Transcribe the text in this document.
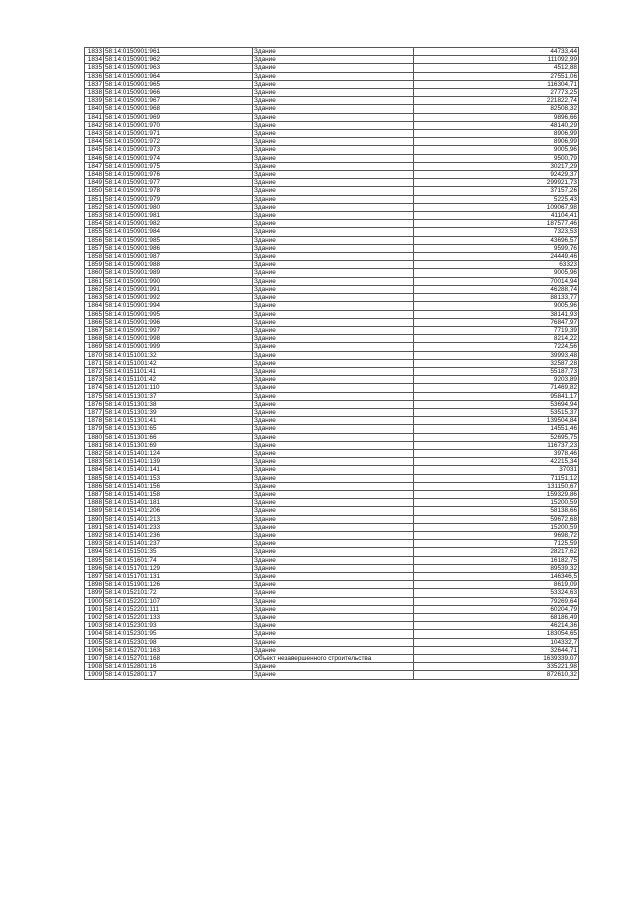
1833	58:14:0150901:961	Здание	44733,44
1834	58:14:0150901:962	Здание	111092,99
1835	58:14:0150901:963	Здание	4512,88
1836	58:14:0150901:964	Здание	27551,06
1837	58:14:0150901:965	Здание	116304,71
1838	58:14:0150901:966	Здание	27773,25
1839	58:14:0150901:967	Здание	221822,74
1840	58:14:0150901:968	Здание	82508,32
1841	58:14:0150901:969	Здание	9896,66
1842	58:14:0150901:970	Здание	48140,29
1843	58:14:0150901:971	Здание	8906,99
1844	58:14:0150901:972	Здание	8906,99
1845	58:14:0150901:973	Здание	9005,96
1846	58:14:0150901:974	Здание	9500,79
1847	58:14:0150901:975	Здание	30217,29
1848	58:14:0150901:976	Здание	92429,37
1849	58:14:0150901:977	Здание	299921,73
1850	58:14:0150901:978	Здание	37157,26
1851	58:14:0150901:979	Здание	5225,43
1852	58:14:0150901:980	Здание	109067,98
1853	58:14:0150901:981	Здание	41104,41
1854	58:14:0150901:982	Здание	187577,46
1855	58:14:0150901:984	Здание	7323,53
1856	58:14:0150901:985	Здание	43696,57
1857	58:14:0150901:986	Здание	9599,76
1858	58:14:0150901:987	Здание	24449,46
1859	58:14:0150901:988	Здание	63323
1860	58:14:0150901:989	Здание	9005,96
1861	58:14:0150901:990	Здание	70014,94
1862	58:14:0150901:991	Здание	46288,74
1863	58:14:0150901:992	Здание	88133,77
1864	58:14:0150901:994	Здание	9005,96
1865	58:14:0150901:995	Здание	38141,93
1866	58:14:0150901:996	Здание	76847,97
1867	58:14:0150901:997	Здание	7719,39
1868	58:14:0150901:998	Здание	8214,22
1869	58:14:0150901:999	Здание	7224,56
1870	58:14:0151001:32	Здание	39993,48
1871	58:14:0151001:42	Здание	32587,28
1872	58:14:0151101:41	Здание	55187,73
1873	58:14:0151101:42	Здание	9203,89
1874	58:14:0151201:110	Здание	71469,82
1875	58:14:0151301:37	Здание	95841,17
1876	58:14:0151301:38	Здание	53694,94
1877	58:14:0151301:39	Здание	53515,37
1878	58:14:0151301:41	Здание	139504,84
1879	58:14:0151301:65	Здание	14551,46
1880	58:14:0151301:66	Здание	52695,75
1881	58:14:0151301:69	Здание	116737,23
1882	58:14:0151401:124	Здание	3978,46
1883	58:14:0151401:139	Здание	42215,34
1884	58:14:0151401:141	Здание	37031
1885	58:14:0151401:153	Здание	71151,12
1886	58:14:0151401:156	Здание	131150,67
1887	58:14:0151401:158	Здание	159329,86
1888	58:14:0151401:181	Здание	15200,59
1889	58:14:0151401:206	Здание	58138,66
1890	58:14:0151401:213	Здание	59672,68
1891	58:14:0151401:233	Здание	15200,59
1892	58:14:0151401:236	Здание	9698,72
1893	58:14:0151401:237	Здание	7125,59
1894	58:14:0151501:35	Здание	28217,62
1895	58:14:0151601:74	Здание	16182,75
1896	58:14:0151701:129	Здание	89539,32
1897	58:14:0151701:131	Здание	146346,5
1898	58:14:0151901:126	Здание	8619,09
1899	58:14:0152101:72	Здание	53324,63
1900	58:14:0152201:107	Здание	79269,64
1901	58:14:0152201:111	Здание	60204,79
1902	58:14:0152201:133	Здание	68186,49
1903	58:14:0152301:93	Здание	46214,36
1904	58:14:0152301:95	Здание	183054,65
1905	58:14:0152301:98	Здание	104332,7
1906	58:14:0152701:163	Здание	32644,71
1907	58:14:0152701:168	Объект незавершенного строительства	1639339,07
1908	58:14:0152801:16	Здание	335221,98
1909	58:14:0152801:17	Здание	872610,32
